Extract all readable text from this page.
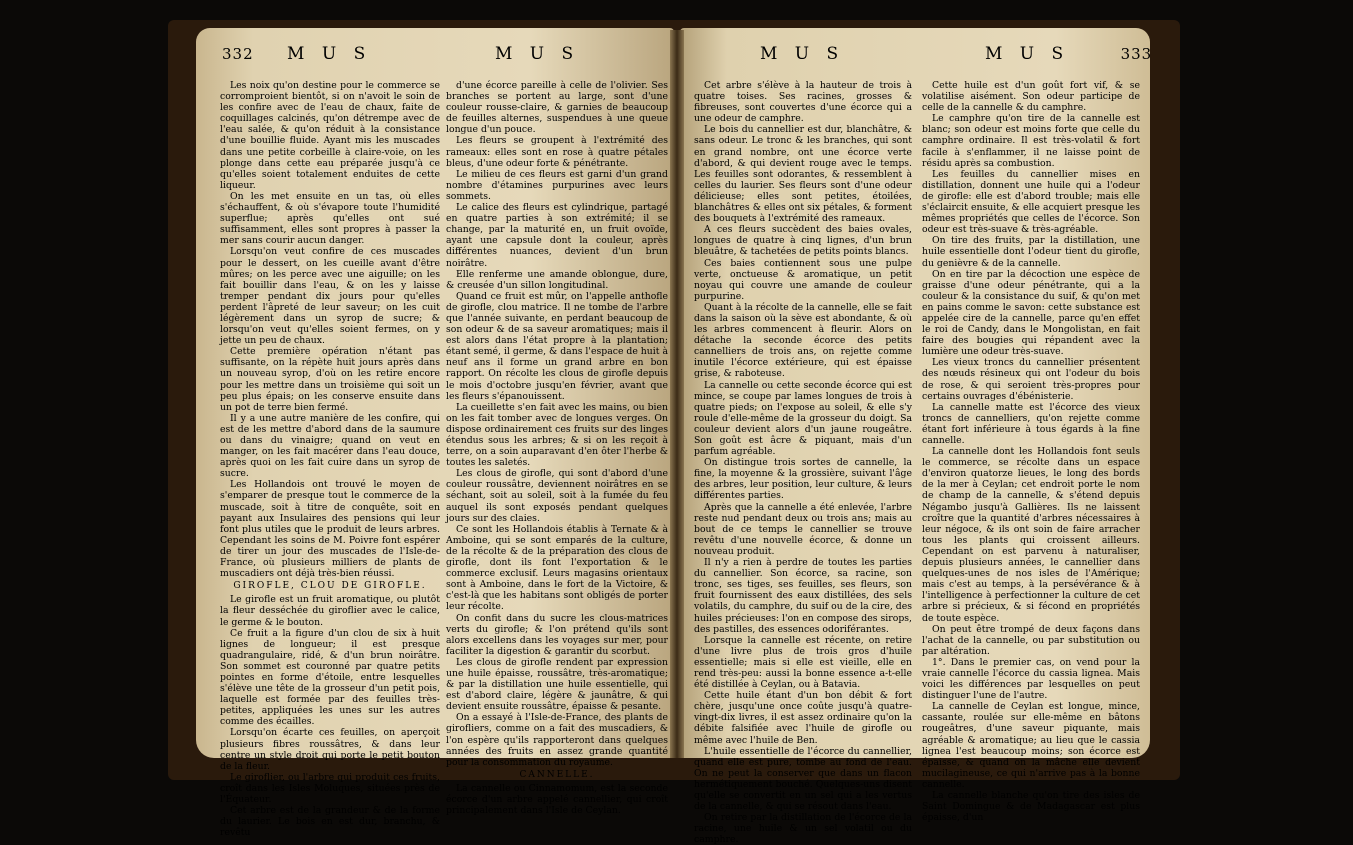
332 M U S	M U S	M U S	M U S	333

Les noix qu'on destine pour le commerce se corromproient bientôt, si on n'avoit le soin de les confire avec de l'eau de chaux, faite de coquillages calcinés, qu'on détrempe avec de l'eau salée, & qu'on réduit à la consistance d'une bouillie fluide. Ayant mis les muscades dans une petite corbeille à claire-voie, on les plonge dans cette eau préparée jusqu'à ce qu'elles soient totalement enduites de cette liqueur.

On les met ensuite en un tas, où elles s'échauffent, & où s'évapore toute l'humidité superflue; après qu'elles ont sué suffisamment, elles sont propres à passer la mer sans courir aucun danger.

Lorsqu'on veut confire de ces muscades pour le dessert, on les cueille avant d'être mûres; on les perce avec une aiguille; on les fait bouillir dans l'eau, & on les y laisse tremper pendant dix jours pour qu'elles perdent l'âpreté de leur saveur; on les cuit légèrement dans un syrop de sucre; & lorsqu'on veut qu'elles soient fermes, on y jette un peu de chaux.

Cette première opération n'étant pas suffisante, on la répète huit jours après dans un nouveau syrop, d'où on les retire encore pour les mettre dans un troisième qui soit un peu plus épais; on les conserve ensuite dans un pot de terre bien fermé.

Il y a une autre manière de les confire, qui est de les mettre d'abord dans de la saumure ou dans du vinaigre; quand on veut en manger, on les fait macérer dans l'eau douce, après quoi on les fait cuire dans un syrop de sucre.

Les Hollandois ont trouvé le moyen de s'emparer de presque tout le commerce de la muscade, soit à titre de conquête, soit en payant aux Insulaires des pensions qui leur font plus utiles que le produit de leurs arbres. Cependant les soins de M. Poivre font espérer de tirer un jour des muscades de l'Isle-de-France, où plusieurs milliers de plants de muscadiers ont déjà très-bien réussi.

GIROFLE, CLOU DE GIROFLE.

Le girofle est un fruit aromatique, ou plutôt la fleur desséchée du giroflier avec le calice, le germe & le bouton.

Ce fruit a la figure d'un clou de six à huit lignes de longueur; il est presque quadrangulaire, ridé, & d'un brun noirâtre. Son sommet est couronné par quatre petits pointes en forme d'étoile, entre lesquelles s'élève une tête de la grosseur d'un petit pois, laquelle est formée par des feuilles très-petites, appliquées les unes sur les autres comme des écailles.

Lorsqu'on écarte ces feuilles, on aperçoit plusieurs fibres roussâtres, & dans leur centre un style droit qui porte le petit bouton de la fleur.

Le giroflier, ou l'arbre qui produit ces fruits, croît dans les Isles Moluques, situées près de l'Équateur.

Cet arbre est de la grandeur & de la forme du laurier. Le bois en est dur, branchu, & revêtu

d'une écorce pareille à celle de l'olivier. Ses branches se portent au large, sont d'une couleur rousse-claire, & garnies de beaucoup de feuilles alternes, suspendues à une queue longue d'un pouce.

Les fleurs se groupent à l'extrémité des rameaux: elles sont en rose à quatre pétales bleus, d'une odeur forte & pénétrante.

Le milieu de ces fleurs est garni d'un grand nombre d'étamines purpurines avec leurs sommets.

Le calice des fleurs est cylindrique, partagé en quatre parties à son extrémité; il se change, par la maturité en, un fruit ovoïde, ayant une capsule dont la couleur, après différentes nuances, devient d'un brun noirâtre.

Elle renferme une amande oblongue, dure, & creusée d'un sillon longitudinal.

Quand ce fruit est mûr, on l'appelle anthofle de girofle, clou matrice. Il ne tombe de l'arbre que l'année suivante, en perdant beaucoup de son odeur & de sa saveur aromatiques; mais il est alors dans l'état propre à la plantation; étant semé, il germe, & dans l'espace de huit à neuf ans il forme un grand arbre en bon rapport. On récolte les clous de girofle depuis le mois d'octobre jusqu'en février, avant que les fleurs s'épanouissent.

La cueillette s'en fait avec les mains, ou bien on les fait tomber avec de longues verges. On dispose ordinairement ces fruits sur des linges étendus sous les arbres; & si on les reçoit à terre, on a soin auparavant d'en ôter l'herbe & toutes les saletés.

Les clous de girofle, qui sont d'abord d'une couleur roussâtre, deviennent noirâtres en se séchant, soit au soleil, soit à la fumée du feu auquel ils sont exposés pendant quelques jours sur des claies.

Ce sont les Hollandois établis à Ternate & à Amboine, qui se sont emparés de la culture, de la récolte & de la préparation des clous de girofle, dont ils font l'exportation & le commerce exclusif. Leurs magasins orientaux sont à Amboine, dans le fort de la Victoire, & c'est-là que les habitans sont obligés de porter leur récolte.

On confit dans du sucre les clous-matrices verts du girofle; & l'on prétend qu'ils sont alors excellens dans les voyages sur mer, pour faciliter la digestion & garantir du scorbut.

Les clous de girofle rendent par expression une huile épaisse, roussâtre, très-aromatique; & par la distillation une huile essentielle, qui est d'abord claire, légère & jaunâtre, & qui devient ensuite roussâtre, épaisse & pesante.

On a essayé à l'Isle-de-France, des plants de girofliers, comme on a fait des muscadiers, & l'on espère qu'ils rapporteront dans quelques années des fruits en assez grande quantité pour la consommation du royaume.

CANNELLE.

La cannelle ou Cinnamomum, est la seconde écorce d'un arbre appelé cannellier, qui croît principalement dans l'Isle de Ceylan.

Cet arbre s'élève à la hauteur de trois à quatre toises. Ses racines, grosses & fibreuses, sont couvertes d'une écorce qui a une odeur de camphre.

Le bois du cannellier est dur, blanchâtre, & sans odeur. Le tronc & les branches, qui sont en grand nombre, ont une écorce verte d'abord, & qui devient rouge avec le temps. Les feuilles sont odorantes, & ressemblent à celles du laurier. Ses fleurs sont d'une odeur délicieuse; elles sont petites, étoilées, blanchâtres & elles ont six pétales, & forment des bouquets à l'extrémité des rameaux.

A ces fleurs succèdent des baies ovales, longues de quatre à cinq lignes, d'un brun bleuâtre, & tachetées de petits points blancs.

Ces baies contiennent sous une pulpe verte, onctueuse & aromatique, un petit noyau qui couvre une amande de couleur purpurine.

Quant à la récolte de la cannelle, elle se fait dans la saison où la sève est abondante, & où les arbres commencent à fleurir. Alors on détache la seconde écorce des petits cannelliers de trois ans, on rejette comme inutile l'écorce extérieure, qui est épaisse grise, & raboteuse.

La cannelle ou cette seconde écorce qui est mince, se coupe par lames longues de trois à quatre pieds; on l'expose au soleil, & elle s'y roule d'elle-même de la grosseur du doigt. Sa couleur devient alors d'un jaune rougeâtre. Son goût est âcre & piquant, mais d'un parfum agréable.

On distingue trois sortes de cannelle, la fine, la moyenne & la grossière, suivant l'âge des arbres, leur position, leur culture, & leurs différentes parties.

Après que la cannelle a été enlevée, l'arbre reste nud pendant deux ou trois ans; mais au bout de ce temps le cannellier se trouve revêtu d'une nouvelle écorce, & donne un nouveau produit.

Il n'y a rien à perdre de toutes les parties du cannellier. Son écorce, sa racine, son tronc, ses tiges, ses feuilles, ses fleurs, son fruit fournissent des eaux distillées, des sels volatils, du camphre, du suif ou de la cire, des huiles précieuses: l'on en compose des sirops, des pastilles, des essences odoriférantes.

Lorsque la cannelle est récente, on retire d'une livre plus de trois gros d'huile essentielle; mais si elle est vieille, elle en rend très-peu: aussi la bonne essence a-t-elle été distillée à Ceylan, ou à Batavia.

Cette huile étant d'un bon débit & fort chère, jusqu'une once coûte jusqu'à quatre-vingt-dix livres, il est assez ordinaire qu'on la débite falsifiée avec l'huile de girofle ou même avec l'huile de Ben.

L'huile essentielle de l'écorce du cannellier, quand elle est pure, tombe au fond de l'eau. On ne peut la conserver que dans un flacon hermétiquement bouché. Quelques-uns disent qu'elle se convertit en un sel qui a les vertus de la cannelle, & qui se résout dans l'eau.

On retire par la distillation de l'écorce de la racine, une huile & un sel volatil ou du camphre.

Cette huile est d'un goût fort vif, & se volatilise aisément. Son odeur participe de celle de la cannelle & du camphre.

Le camphre qu'on tire de la cannelle est blanc; son odeur est moins forte que celle du camphre ordinaire. Il est très-volatil & fort facile à s'enflammer, il ne laisse point de résidu après sa combustion.

Les feuilles du cannellier mises en distillation, donnent une huile qui a l'odeur de girofle: elle est d'abord trouble; mais elle s'éclaircit ensuite, & elle acquiert presque les mêmes propriétés que celles de l'écorce. Son odeur est très-suave & très-agréable.

On tire des fruits, par la distillation, une huile essentielle dont l'odeur tient du girofle, du genièvre & de la cannelle.

On en tire par la décoction une espèce de graisse d'une odeur pénétrante, qui a la couleur & la consistance du suif, & qu'on met en pains comme le savon: cette substance est appelée cire de la cannelle, parce qu'en effet le roi de Candy, dans le Mongolistan, en fait faire des bougies qui répandent avec la lumière une odeur très-suave.

Les vieux troncs du cannellier présentent des nœuds résineux qui ont l'odeur du bois de rose, & qui seroient très-propres pour certains ouvrages d'ébénisterie.

La cannelle matte est l'écorce des vieux troncs de cannelliers, qu'on rejette comme étant fort inférieure à tous égards à la fine cannelle.

La cannelle dont les Hollandois font seuls le commerce, se récolte dans un espace d'environ quatorze lieues, le long des bords de la mer à Ceylan; cet endroit porte le nom de champ de la cannelle, & s'étend depuis Négambo jusqu'à Gallières. Ils ne laissent croître que la quantité d'arbres nécessaires à leur négoce, & ils ont soin de faire arracher tous les plants qui croissent ailleurs. Cependant on est parvenu à naturaliser, depuis plusieurs années, le cannellier dans quelques-unes de nos isles de l'Amérique; mais c'est au temps, à la persévérance & à l'intelligence à perfectionner la culture de cet arbre si précieux, & si fécond en propriétés de toute espèce.

On peut être trompé de deux façons dans l'achat de la cannelle, ou par substitution ou par altération.

1°. Dans le premier cas, on vend pour la vraie cannelle l'écorce du cassia lignea. Mais voici les différences par lesquelles on peut distinguer l'une de l'autre.

La cannelle de Ceylan est longue, mince, cassante, roulée sur elle-même en bâtons rougeâtres, d'une saveur piquante, mais agréable & aromatique; au lieu que le cassia lignea l'est beaucoup moins; son écorce est épaisse, & quand on la mâche elle devient mucilagineuse, ce qui n'arrive pas à la bonne cannelle.

La cannelle blanche qu'on tire des isles de Saint Domingue & de Madagascar est plus épaisse, d'un
